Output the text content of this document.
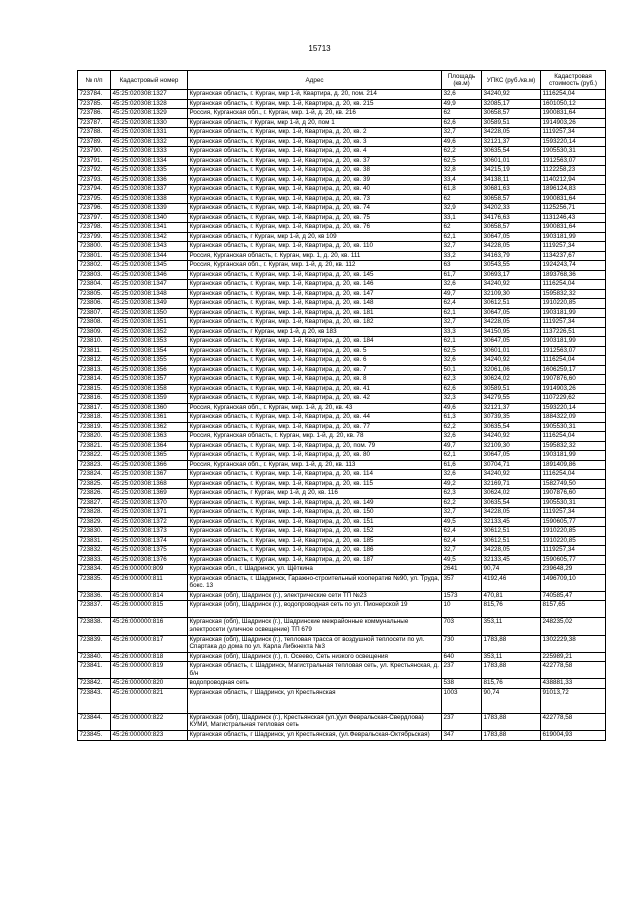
15713
№ п/п	Кадастровый номер	Адрес	Площадь (кв.м)	УПКС (руб./кв.м)	Кадастровая стоимость (руб.)
723784.	45:25:020308:1327	Курганская область, г. Курган, мкр 1-й, Квартира, д. 20, пом. 214	32,6	34240,92	1116254,04
723785.	45:25:020308:1328	Курганская область, г. Курган, мкр. 1-й, Квартира, д. 20, кв. 215	49,9	32085,17	1601050,12
723786.	45:25:020308:1329	Россия, Курганская обл., г. Курган, мкр. 1-й, д. 20, кв. 216	62	30658,57	1900831,64
723787.	45:25:020308:1330	Курганская область, г Курган, мкр 1-й, д 20, пом 1	62,6	30589,51	1914903,26
723788.	45:25:020308:1331	Курганская область, г. Курган, мкр. 1-й, Квартира, д. 20, кв. 2	32,7	34228,05	1119257,34
723789.	45:25:020308:1332	Курганская область, г. Курган, мкр. 1-й, Квартира, д. 20, кв. 3	49,6	32121,37	1593220,14
723790.	45:25:020308:1333	Курганская область, г. Курган, мкр. 1-й, Квартира, д. 20, кв. 4	62,2	30635,54	1905530,31
723791.	45:25:020308:1334	Курганская область, г. Курган, мкр. 1-й, Квартира, д. 20, кв. 37	62,5	30601,01	1912563,07
723792.	45:25:020308:1335	Курганская область, г. Курган, мкр. 1-й, Квартира, д. 20, кв. 38	32,8	34215,19	1122258,23
723793.	45:25:020308:1336	Курганская область, г. Курган, мкр. 1-й, Квартира, д. 20, кв. 39	33,4	34138,11	1140212,94
723794.	45:25:020308:1337	Курганская область, г. Курган, мкр. 1-й, Квартира, д. 20, кв. 40	61,8	30681,63	1896124,83
723795.	45:25:020308:1338	Курганская область, г. Курган, мкр. 1-й, Квартира, д. 20, кв. 73	62	30658,57	1900831,64
723796.	45:25:020308:1339	Курганская область, г. Курган, мкр. 1-й, Квартира, д. 20, кв. 74	32,9	34202,33	1125256,71
723797.	45:25:020308:1340	Курганская область, г. Курган, мкр. 1-й, Квартира, д. 20, кв. 75	33,1	34176,63	1131246,43
723798.	45:25:020308:1341	Курганская область, г. Курган, мкр. 1-й, Квартира, д. 20, кв. 76	62	30658,57	1900831,64
723799.	45:25:020308:1342	Курганская область, г Курган, мкр 1-й, д 20, кв 109	62,1	30647,05	1903181,99
723800.	45:25:020308:1343	Курганская область, г. Курган, мкр. 1-й, Квартира, д. 20, кв. 110	32,7	34228,05	1119257,34
723801.	45:25:020308:1344	Россия, Курганская область, г. Курган, мкр. 1, д. 20, кв. 111	33,2	34163,79	1134237,67
723802.	45:25:020308:1345	Россия, Курганская обл., г. Курган, мкр. 1-й, д. 20, кв. 112	63	30543,55	1924243,74
723803.	45:25:020308:1346	Курганская область, г. Курган, мкр. 1-й, Квартира, д. 20, кв. 145	61,7	30693,17	1893768,36
723804.	45:25:020308:1347	Курганская область, г. Курган, мкр. 1-й, Квартира, д. 20, кв. 146	32,6	34240,92	1116254,04
723805.	45:25:020308:1348	Курганская область, г. Курган, мкр. 1-й, Квартира, д. 20, кв. 147	49,7	32109,30	1595832,32
723806.	45:25:020308:1349	Курганская область, г. Курган, мкр. 1-й, Квартира, д. 20, кв. 148	62,4	30612,51	1910220,85
723807.	45:25:020308:1350	Курганская область, г. Курган, мкр. 1-й, Квартира, д. 20, кв. 181	62,1	30647,05	1903181,99
723808.	45:25:020308:1351	Курганская область, г. Курган, мкр. 1-й, Квартира, д. 20, кв. 182	32,7	34228,05	1119257,34
723809.	45:25:020308:1352	Курганская область, г Курган, мкр 1-й, д 20, кв 183	33,3	34150,95	1137226,51
723810.	45:25:020308:1353	Курганская область, г. Курган, мкр. 1-й, Квартира, д. 20, кв. 184	62,1	30647,05	1903181,99
723811.	45:25:020308:1354	Курганская область, г. Курган, мкр. 1-й, Квартира, д. 20, кв. 5	62,5	30601,01	1912563,07
723812.	45:25:020308:1355	Курганская область, г. Курган, мкр. 1-й, Квартира, д. 20, кв. 6	32,6	34240,92	1116254,04
723813.	45:25:020308:1356	Курганская область, г. Курган, мкр. 1-й, Квартира, д. 20, кв. 7	50,1	32061,06	1606259,17
723814.	45:25:020308:1357	Курганская область, г. Курган, мкр. 1-й, Квартира, д. 20, кв. 8	62,3	30624,02	1907876,60
723815.	45:25:020308:1358	Курганская область, г. Курган, мкр. 1-й, Квартира, д. 20, кв. 41	62,6	30589,51	1914903,26
723816.	45:25:020308:1359	Курганская область, г. Курган, мкр. 1-й, Квартира, д. 20, кв. 42	32,3	34279,55	1107229,62
723817.	45:25:020308:1360	Россия, Курганская обл., г. Курган, мкр. 1-й, д. 20, кв. 43	49,6	32121,37	1593220,14
723818.	45:25:020308:1361	Курганская область, г. Курган, мкр. 1-й, Квартира, д. 20, кв. 44	61,3	30739,35	1884322,09
723819.	45:25:020308:1362	Курганская область, г. Курган, мкр. 1-й, Квартира, д. 20, кв. 77	62,2	30635,54	1905530,31
723820.	45:25:020308:1363	Россия, Курганская область, г. Курган, мкр. 1-й, д. 20, кв. 78	32,6	34240,92	1116254,04
723821.	45:25:020308:1364	Курганская область, г. Курган, мкр. 1-й, Квартира, д. 20, пом. 79	49,7	32109,30	1595832,32
723822.	45:25:020308:1365	Курганская область, г. Курган, мкр. 1-й, Квартира, д. 20, кв. 80	62,1	30647,05	1903181,99
723823.	45:25:020308:1366	Россия, Курганская обл., г. Курган, мкр. 1-й, д. 20, кв. 113	61,6	30704,71	1891409,86
723824.	45:25:020308:1367	Курганская область, г. Курган, мкр. 1-й, Квартира, д. 20, кв. 114	32,6	34240,92	1116254,04
723825.	45:25:020308:1368	Курганская область, г. Курган, мкр. 1-й, Квартира, д. 20, кв. 115	49,2	32169,71	1582749,50
723826.	45:25:020308:1369	Курганская область, г Курган, мкр 1-й, д 20, кв. 116	62,3	30624,02	1907876,60
723827.	45:25:020308:1370	Курганская область, г. Курган, мкр. 1-й, Квартира, д. 20, кв. 149	62,2	30635,54	1905530,31
723828.	45:25:020308:1371	Курганская область, г. Курган, мкр. 1-й, Квартира, д. 20, кв. 150	32,7	34228,05	1119257,34
723829.	45:25:020308:1372	Курганская область, г. Курган, мкр. 1-й, Квартира, д. 20, кв. 151	49,5	32133,45	1590605,77
723830.	45:25:020308:1373	Курганская область, г. Курган, мкр. 1-й, Квартира, д. 20, кв. 152	62,4	30612,51	1910220,85
723831.	45:25:020308:1374	Курганская область, г. Курган, мкр. 1-й, Квартира, д. 20, кв. 185	62,4	30612,51	1910220,85
723832.	45:25:020308:1375	Курганская область, г. Курган, мкр. 1-й, Квартира, д. 20, кв. 186	32,7	34228,05	1119257,34
723833.	45:25:020308:1376	Курганская область, г. Курган, мкр. 1-й, Квартира, д. 20, кв. 187	49,5	32133,45	1590605,77
723834.	45:26:000000:809	Курганская обл., г. Шадринск, ул. Щёткина	2641	90,74	239648,29
723835.	45:26:000000:811	Курганская область, г. Шадринск, Гаражно-строительный кооператив №90, ул. Труда, бокс. 13	357	4192,46	1496709,10
723836.	45:26:000000:814	Курганская (обл), Шадринск (г.), электрические сети ТП №23	1573	470,81	740585,47
723837.	45:26:000000:815	Курганская (обл), Шадринск (г.), водопроводная сеть по ул. Пионерской 19	10	815,76	8157,65
723838.	45:26:000000:816	Курганская (обл), Шадринск (г.), Шадринские межрайонные коммунальные электросети (уличное освещение) ТП 679	703	353,11	248235,02
723839.	45:26:000000:817	Курганская (обл), Шадринск (г.), тепловая трасса от воздушной теплосети по ул. Спартака до дома по ул. Карла Либкнехта №3	730	1783,88	1302229,38
723840.	45:26:000000:818	Курганская (обл), Шадринск (г.), п. Осеево, Сеть низкого освещения	640	353,11	225989,21
723841.	45:26:000000:819	Курганская область, г. Шадринск, Магистральная тепловая сеть, ул. Крестьянская, д. б/н	237	1783,88	422778,58
723842.	45:26:000000:820	водопроводная сеть	538	815,76	438881,33
723843.	45:26:000000:821	Курганская область, г Шадринск, ул Крестьянская	1003	90,74	91013,72
723844.	45:26:000000:822	Курганская (обл), Шадринск (г.), Крестьянская (ул.)(ул Февральская-Свердлова) КУМИ, Магистральная тепловая сеть	237	1783,88	422778,58
723845.	45:26:000000:823	Курганская область, г Шадринск, ул Крестьянская, (ул.Февральская-Октябрьская)	347	1783,88	619004,93
